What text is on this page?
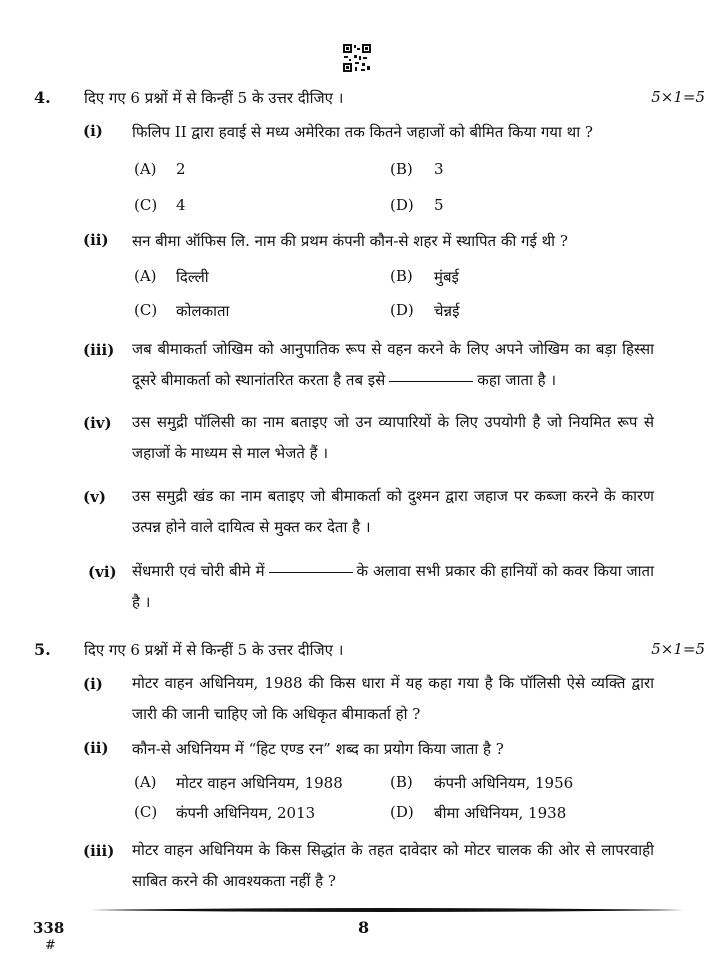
4. दिए गए 6 प्रश्नों में से किन्हीं 5 के उत्तर दीजिए ।	5×1=5
(i) फिलिप II द्वारा हवाई से मध्य अमेरिका तक कितने जहाजों को बीमित किया गया था ?
(A) 2	(B) 3
(C) 4	(D) 5
(ii) सन बीमा ऑफिस लि. नाम की प्रथम कंपनी कौन-से शहर में स्थापित की गई थी ?
(A) दिल्ली	(B) मुंबई
(C) कोलकाता	(D) चेन्नई
(iii) जब बीमाकर्ता जोखिम को आनुपातिक रूप से वहन करने के लिए अपने जोखिम का बड़ा हिस्सा दूसरे बीमाकर्ता को स्थानांतरित करता है तब इसे	कहा जाता है ।
(iv) उस समुद्री पॉलिसी का नाम बताइए जो उन व्यापारियों के लिए उपयोगी है जो नियमित रूप से जहाजों के माध्यम से माल भेजते हैं ।
(v) उस समुद्री खंड का नाम बताइए जो बीमाकर्ता को दुश्मन द्वारा जहाज पर कब्जा करने के कारण उत्पन्न होने वाले दायित्व से मुक्त कर देता है ।
(vi) सेंधमारी एवं चोरी बीमे में	के अलावा सभी प्रकार की हानियों को कवर किया जाता है ।
5. दिए गए 6 प्रश्नों में से किन्हीं 5 के उत्तर दीजिए ।	5×1=5
(i) मोटर वाहन अधिनियम, 1988 की किस धारा में यह कहा गया है कि पॉलिसी ऐसे व्यक्ति द्वारा जारी की जानी चाहिए जो कि अधिकृत बीमाकर्ता हो ?
(ii) कौन-से अधिनियम में “हिट एण्ड रन” शब्द का प्रयोग किया जाता है ?
(A) मोटर वाहन अधिनियम, 1988	(B) कंपनी अधिनियम, 1956
(C) कंपनी अधिनियम, 2013	(D) बीमा अधिनियम, 1938
(iii) मोटर वाहन अधिनियम के किस सिद्धांत के तहत दावेदार को मोटर चालक की ओर से लापरवाही साबित करने की आवश्यकता नहीं है ?
338
#
8
